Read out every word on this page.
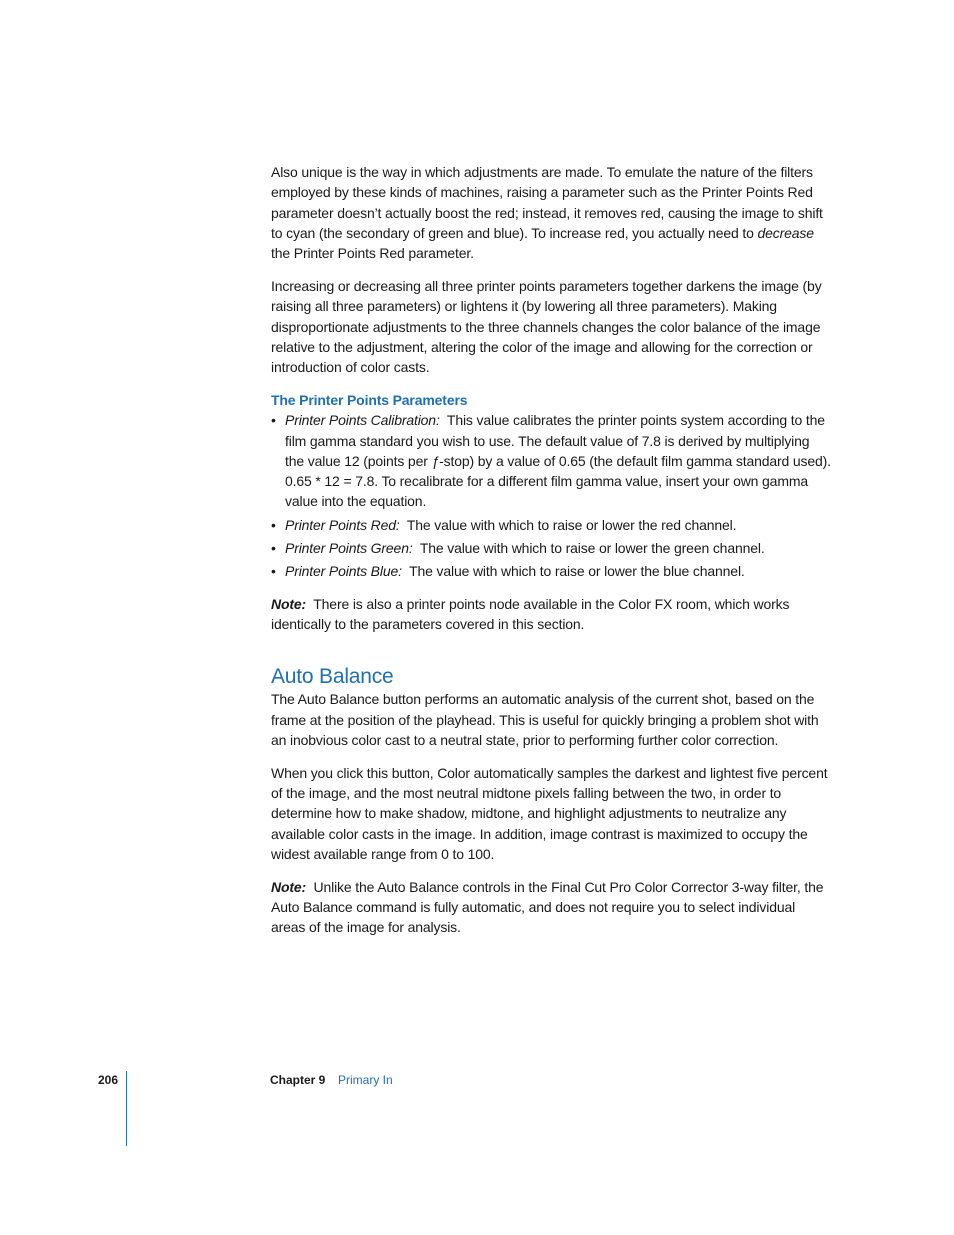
Also unique is the way in which adjustments are made. To emulate the nature of the filters employed by these kinds of machines, raising a parameter such as the Printer Points Red parameter doesn’t actually boost the red; instead, it removes red, causing the image to shift to cyan (the secondary of green and blue). To increase red, you actually need to decrease the Printer Points Red parameter.

Increasing or decreasing all three printer points parameters together darkens the image (by raising all three parameters) or lightens it (by lowering all three parameters). Making disproportionate adjustments to the three channels changes the color balance of the image relative to the adjustment, altering the color of the image and allowing for the correction or introduction of color casts.

The Printer Points Parameters
• Printer Points Calibration: This value calibrates the printer points system according to the film gamma standard you wish to use. The default value of 7.8 is derived by multiplying the value 12 (points per ƒ-stop) by a value of 0.65 (the default film gamma standard used). 0.65 * 12 = 7.8. To recalibrate for a different film gamma value, insert your own gamma value into the equation.
• Printer Points Red: The value with which to raise or lower the red channel.
• Printer Points Green: The value with which to raise or lower the green channel.
• Printer Points Blue: The value with which to raise or lower the blue channel.

Note: There is also a printer points node available in the Color FX room, which works identically to the parameters covered in this section.

Auto Balance

The Auto Balance button performs an automatic analysis of the current shot, based on the frame at the position of the playhead. This is useful for quickly bringing a problem shot with an inobvious color cast to a neutral state, prior to performing further color correction.

When you click this button, Color automatically samples the darkest and lightest five percent of the image, and the most neutral midtone pixels falling between the two, in order to determine how to make shadow, midtone, and highlight adjustments to neutralize any available color casts in the image. In addition, image contrast is maximized to occupy the widest available range from 0 to 100.

Note: Unlike the Auto Balance controls in the Final Cut Pro Color Corrector 3-way filter, the Auto Balance command is fully automatic, and does not require you to select individual areas of the image for analysis.

206	Chapter 9 Primary In
